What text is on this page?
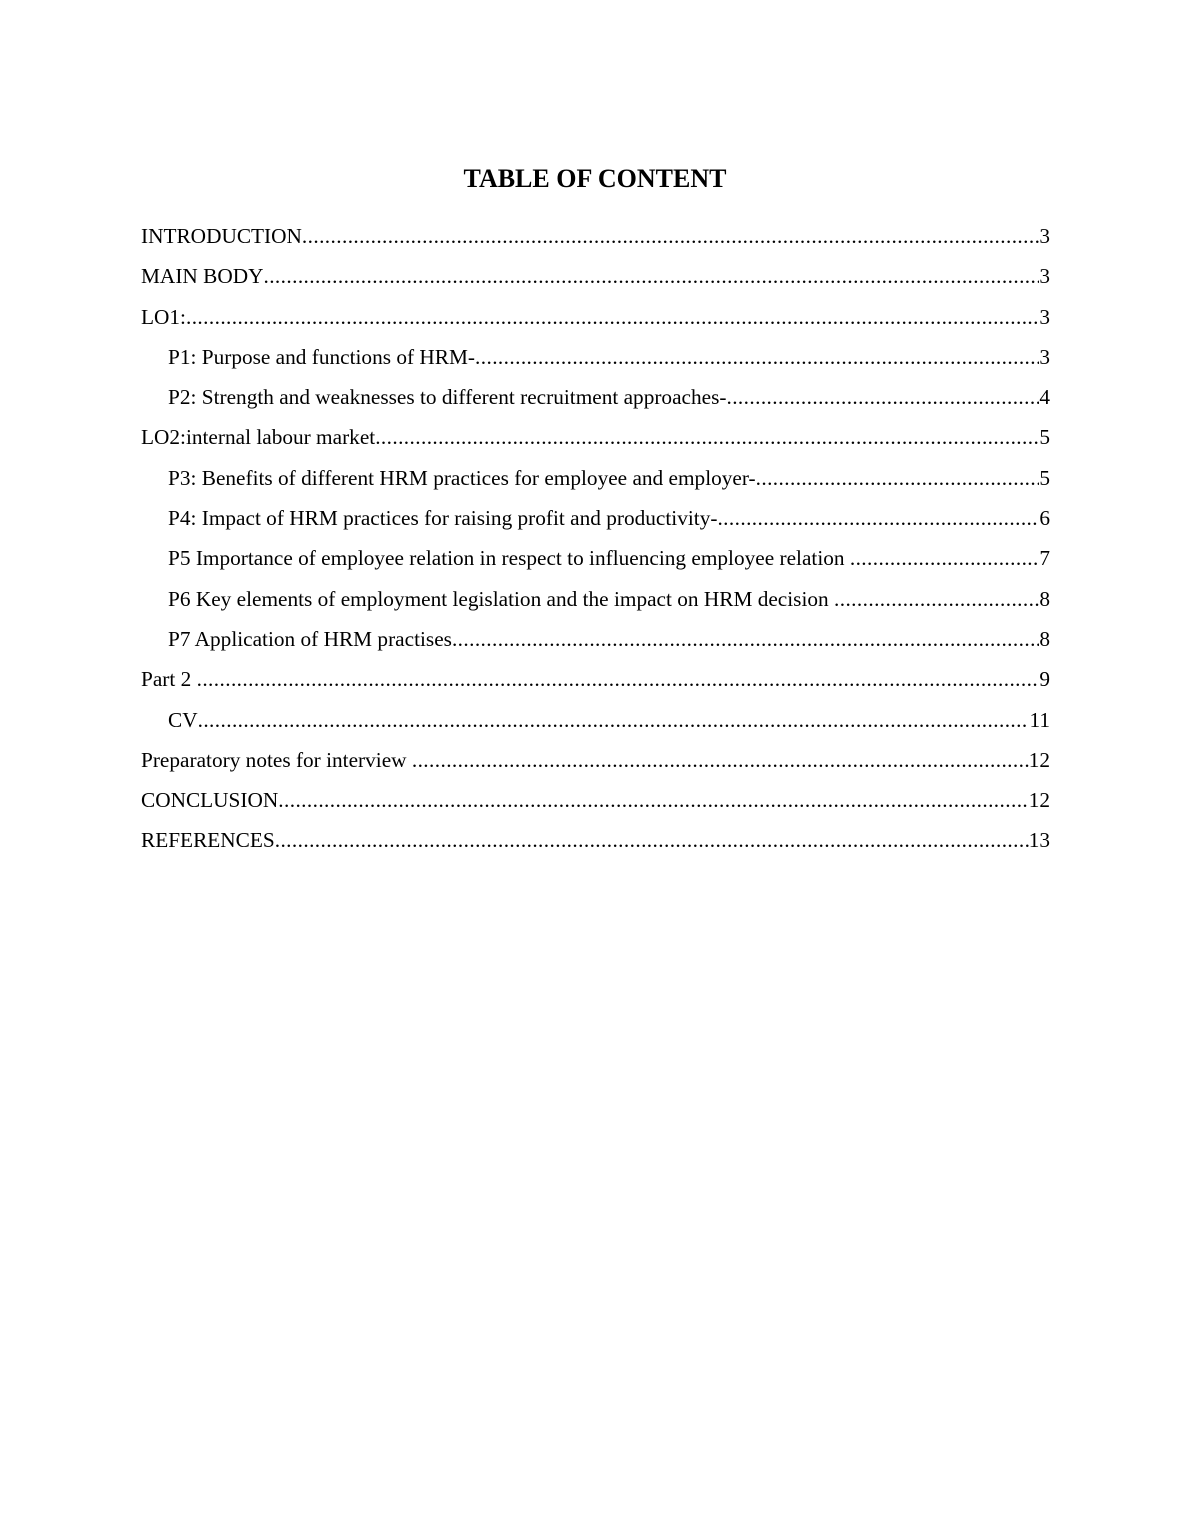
TABLE OF CONTENT
INTRODUCTION .....	3
MAIN BODY .....	3
LO1: .....	3
P1: Purpose and functions of HRM- .....	3
P2: Strength and weaknesses to different recruitment approaches- .....	4
LO2:internal labour market .....	5
P3: Benefits of different HRM practices for employee and employer- .....	5
P4: Impact of HRM practices for raising profit and productivity- .....	6
P5 Importance of employee relation in respect to influencing employee relation .....	7
P6 Key elements of employment legislation and the impact on HRM decision .....	8
P7 Application of HRM practises .....	8
Part 2 .....	9
CV .....	11
Preparatory notes for interview .....	12
CONCLUSION .....	12
REFERENCES .....	13
